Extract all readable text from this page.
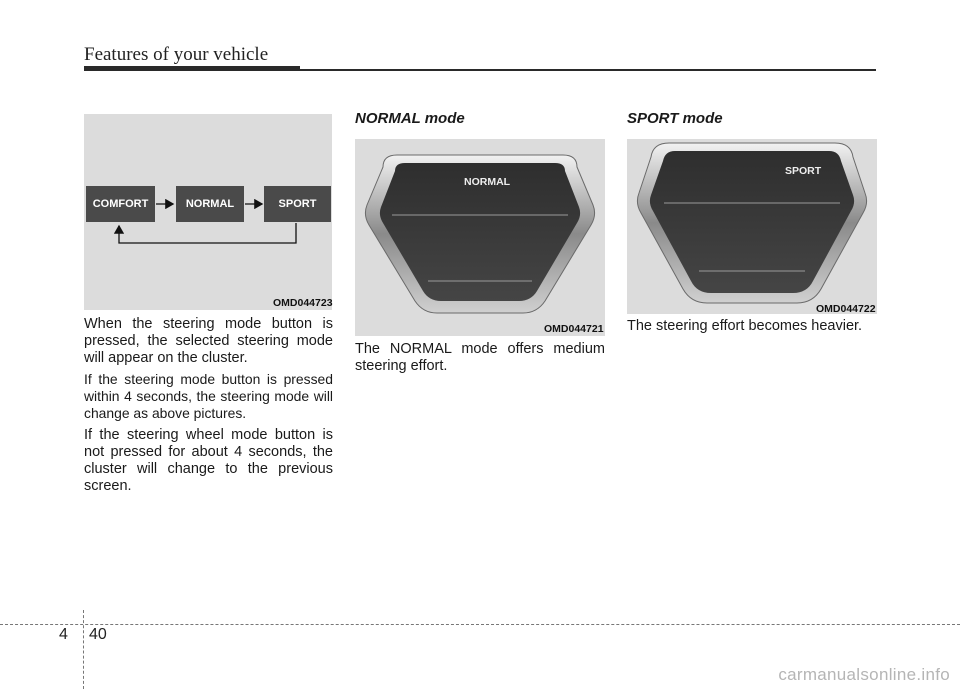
Features of your vehicle
COMFORT	NORMAL	SPORT
OMD044723

When the steering mode button is pressed, the selected steering mode will appear on the cluster.

If the steering mode button is pressed within 4 seconds, the steering mode will change as above pictures.

If the steering wheel mode button is not pressed for about 4 seconds, the cluster will change to the previous screen.

NORMAL mode
NORMAL
OMD044721

The NORMAL mode offers medium steering effort.

SPORT mode
SPORT
OMD044722

The steering effort becomes heavier.

4 40
carmanualsonline.info
